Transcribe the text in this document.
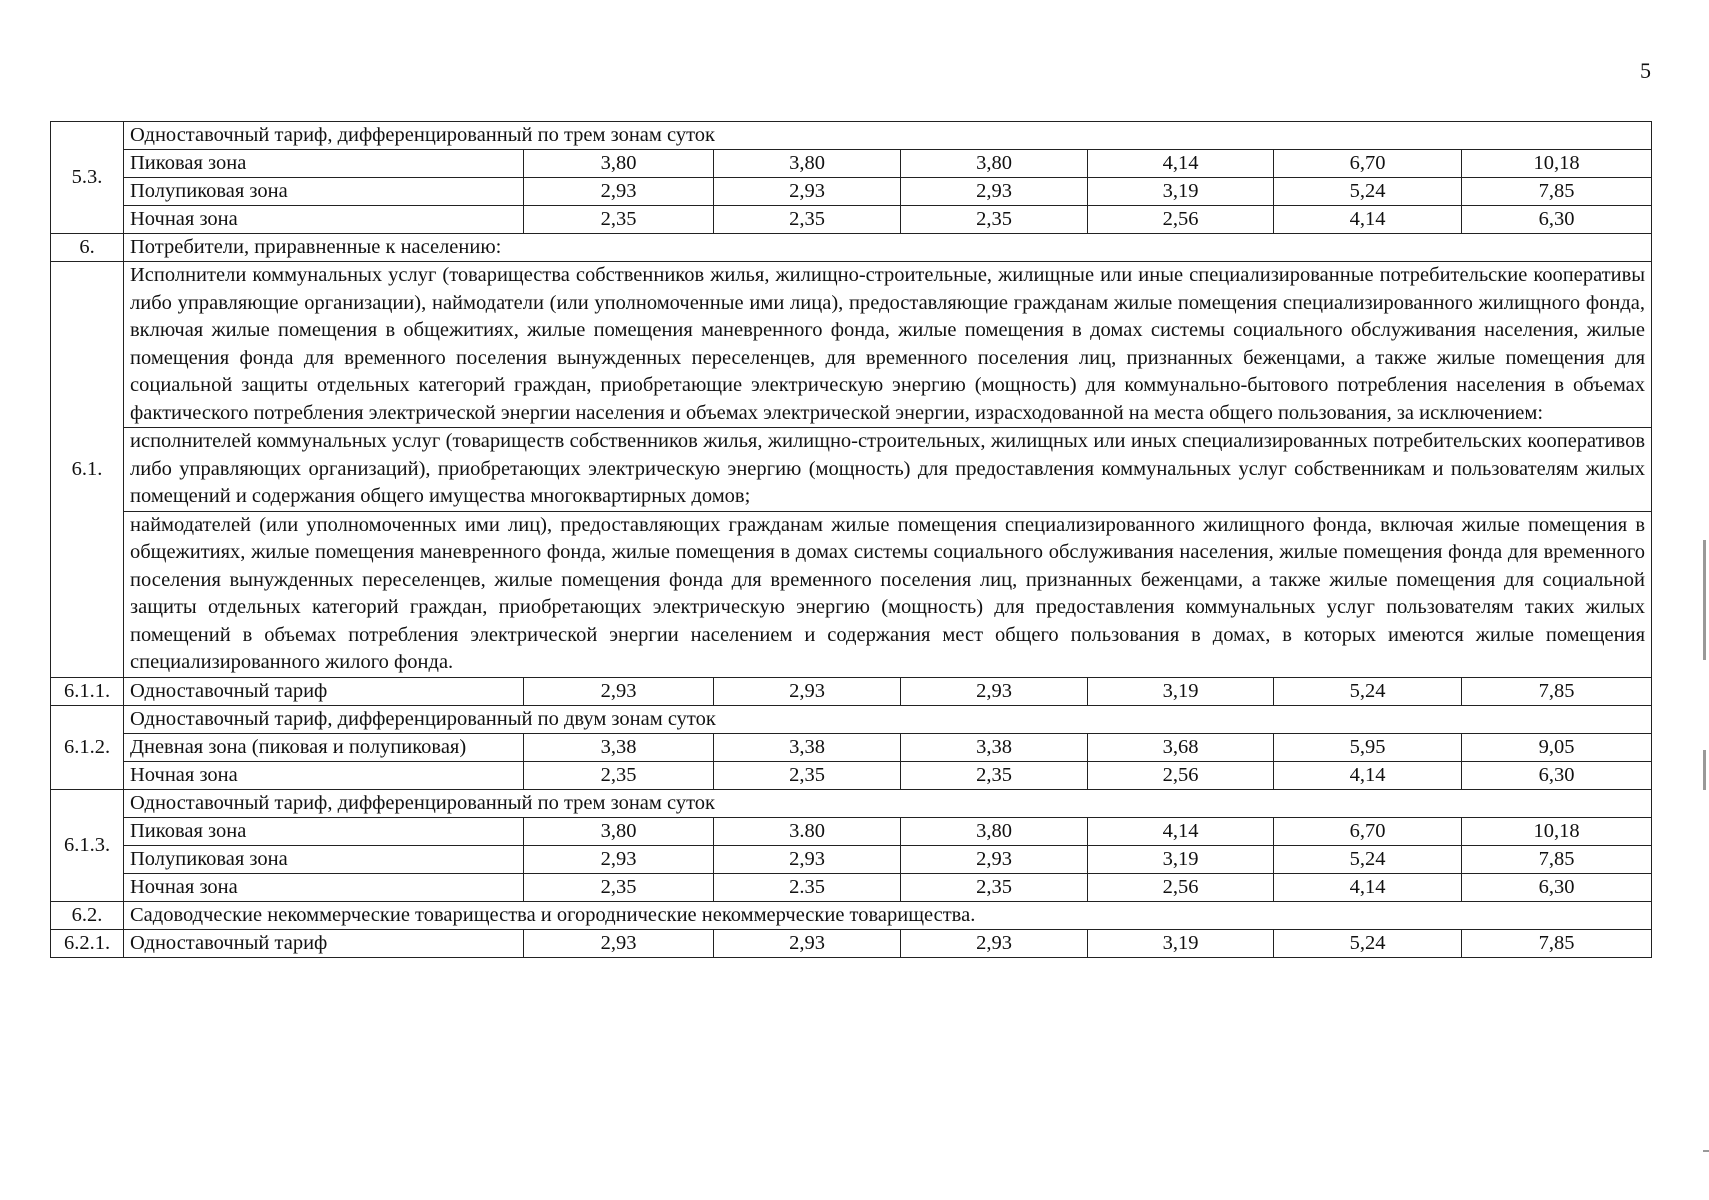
5
5.3.	Одноставочный тариф, дифференцированный по трем зонам суток						
	Пиковая зона	3,80	3,80	3,80	4,14	6,70	10,18
	Полупиковая зона	2,93	2,93	2,93	3,19	5,24	7,85
	Ночная зона	2,35	2,35	2,35	2,56	4,14	6,30
6.	Потребители, приравненные к населению:						
6.1.	Исполнители коммунальных услуг (товарищества собственников жилья, жилищно-строительные, жилищные или иные специализированные потребительские кооперативы либо управляющие организации), наймодатели (или уполномоченные ими лица), предоставляющие гражданам жилые помещения специализированного жилищного фонда, включая жилые помещения в общежитиях, жилые помещения маневренного фонда, жилые помещения в домах системы социального обслуживания населения, жилые помещения фонда для временного поселения вынужденных переселенцев, для временного поселения лиц, признанных беженцами, а также жилые помещения для социальной защиты отдельных категорий граждан, приобретающие электрическую энергию (мощность) для коммунально-бытового потребления населения в объемах фактического потребления электрической энергии населения и объемах электрической энергии, израсходованной на места общего пользования, за исключением:						
	исполнителей коммунальных услуг (товариществ собственников жилья, жилищно-строительных, жилищных или иных специализированных потребительских кооперативов либо управляющих организаций), приобретающих электрическую энергию (мощность) для предоставления коммунальных услуг собственникам и пользователям жилых помещений и содержания общего имущества многоквартирных домов;						
	наймодателей (или уполномоченных ими лиц), предоставляющих гражданам жилые помещения специализированного жилищного фонда, включая жилые помещения в общежитиях, жилые помещения маневренного фонда, жилые помещения в домах системы социального обслуживания населения, жилые помещения фонда для временного поселения вынужденных переселенцев, жилые помещения фонда для временного поселения лиц, признанных беженцами, а также жилые помещения для социальной защиты отдельных категорий граждан, приобретающих электрическую энергию (мощность) для предоставления коммунальных услуг пользователям таких жилых помещений в объемах потребления электрической энергии населением и содержания мест общего пользования в домах, в которых имеются жилые помещения специализированного жилого фонда.						
6.1.1.	Одноставочный тариф	2,93	2,93	2,93	3,19	5,24	7,85
6.1.2.	Одноставочный тариф, дифференцированный по двум зонам суток						
	Дневная зона (пиковая и полупиковая)	3,38	3,38	3,38	3,68	5,95	9,05
	Ночная зона	2,35	2,35	2,35	2,56	4,14	6,30
6.1.3.	Одноставочный тариф, дифференцированный по трем зонам суток						
	Пиковая зона	3,80	3.80	3,80	4,14	6,70	10,18
	Полупиковая зона	2,93	2,93	2,93	3,19	5,24	7,85
	Ночная зона	2,35	2.35	2,35	2,56	4,14	6,30
6.2.	Садоводческие некоммерческие товарищества и огороднические некоммерческие товарищества.						
6.2.1.	Одноставочный тариф	2,93	2,93	2,93	3,19	5,24	7,85
